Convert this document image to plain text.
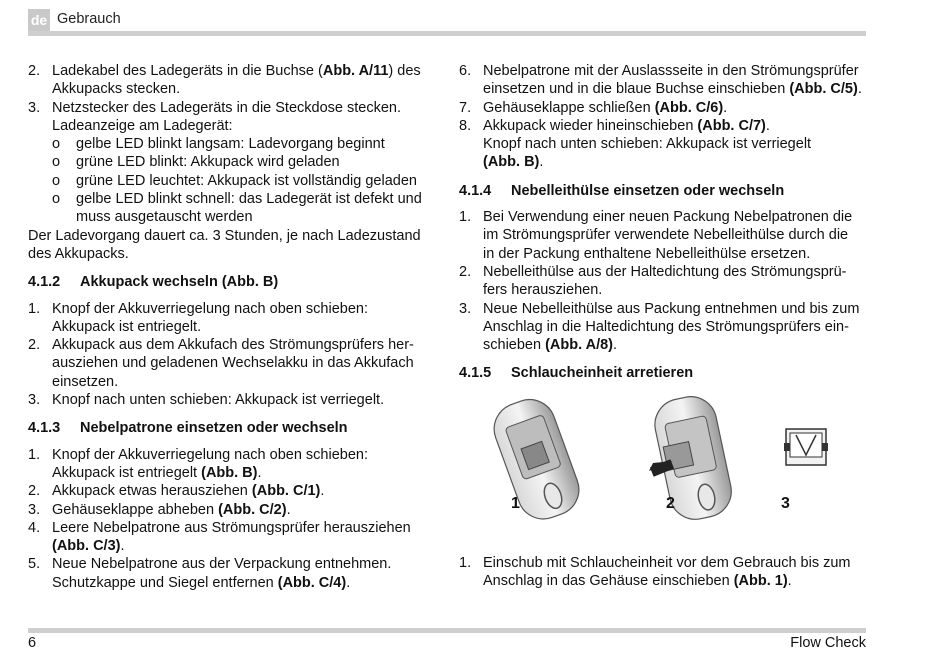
de Gebrauch
2. Ladekabel des Ladegeräts in die Buchse (Abb. A/11) des
Akkupacks stecken.
3. Netzstecker des Ladegeräts in die Steckdose stecken.
Ladeanzeige am Ladegerät:
o gelbe LED blinkt langsam: Ladevorgang beginnt
o grüne LED blinkt: Akkupack wird geladen
o grüne LED leuchtet: Akkupack ist vollständig geladen
o gelbe LED blinkt schnell: das Ladegerät ist defekt und
muss ausgetauscht werden
Der Ladevorgang dauert ca. 3 Stunden, je nach Ladezustand
des Akkupacks.
4.1.2 Akkupack wechseln (Abb. B)
1. Knopf der Akkuverriegelung nach oben schieben:
Akkupack ist entriegelt.
2. Akkupack aus dem Akkufach des Strömungsprüfers her-
ausziehen und geladenen Wechselakku in das Akkufach
einsetzen.
3. Knopf nach unten schieben: Akkupack ist verriegelt.
4.1.3 Nebelpatrone einsetzen oder wechseln
1. Knopf der Akkuverriegelung nach oben schieben:
Akkupack ist entriegelt (Abb. B).
2. Akkupack etwas herausziehen (Abb. C/1).
3. Gehäuseklappe abheben (Abb. C/2).
4. Leere Nebelpatrone aus Strömungsprüfer herausziehen
(Abb. C/3).
5. Neue Nebelpatrone aus der Verpackung entnehmen.
Schutzkappe und Siegel entfernen (Abb. C/4).
6. Nebelpatrone mit der Auslassseite in den Strömungsprüfer
einsetzen und in die blaue Buchse einschieben (Abb. C/5).
7. Gehäuseklappe schließen (Abb. C/6).
8. Akkupack wieder hineinschieben (Abb. C/7).
Knopf nach unten schieben: Akkupack ist verriegelt
(Abb. B).
4.1.4 Nebelleithülse einsetzen oder wechseln
1. Bei Verwendung einer neuen Packung Nebelpatronen die
im Strömungsprüfer verwendete Nebelleithülse durch die
in der Packung enthaltene Nebelleithülse ersetzen.
2. Nebelleithülse aus der Haltedichtung des Strömungsprü-
fers herausziehen.
3. Neue Nebelleithülse aus Packung entnehmen und bis zum
Anschlag in die Haltedichtung des Strömungsprüfers ein-
schieben (Abb. A/8).
4.1.5 Schlaucheinheit arretieren
1	2	3
1. Einschub mit Schlaucheinheit vor dem Gebrauch bis zum
Anschlag in das Gehäuse einschieben (Abb. 1).
6	Flow Check
